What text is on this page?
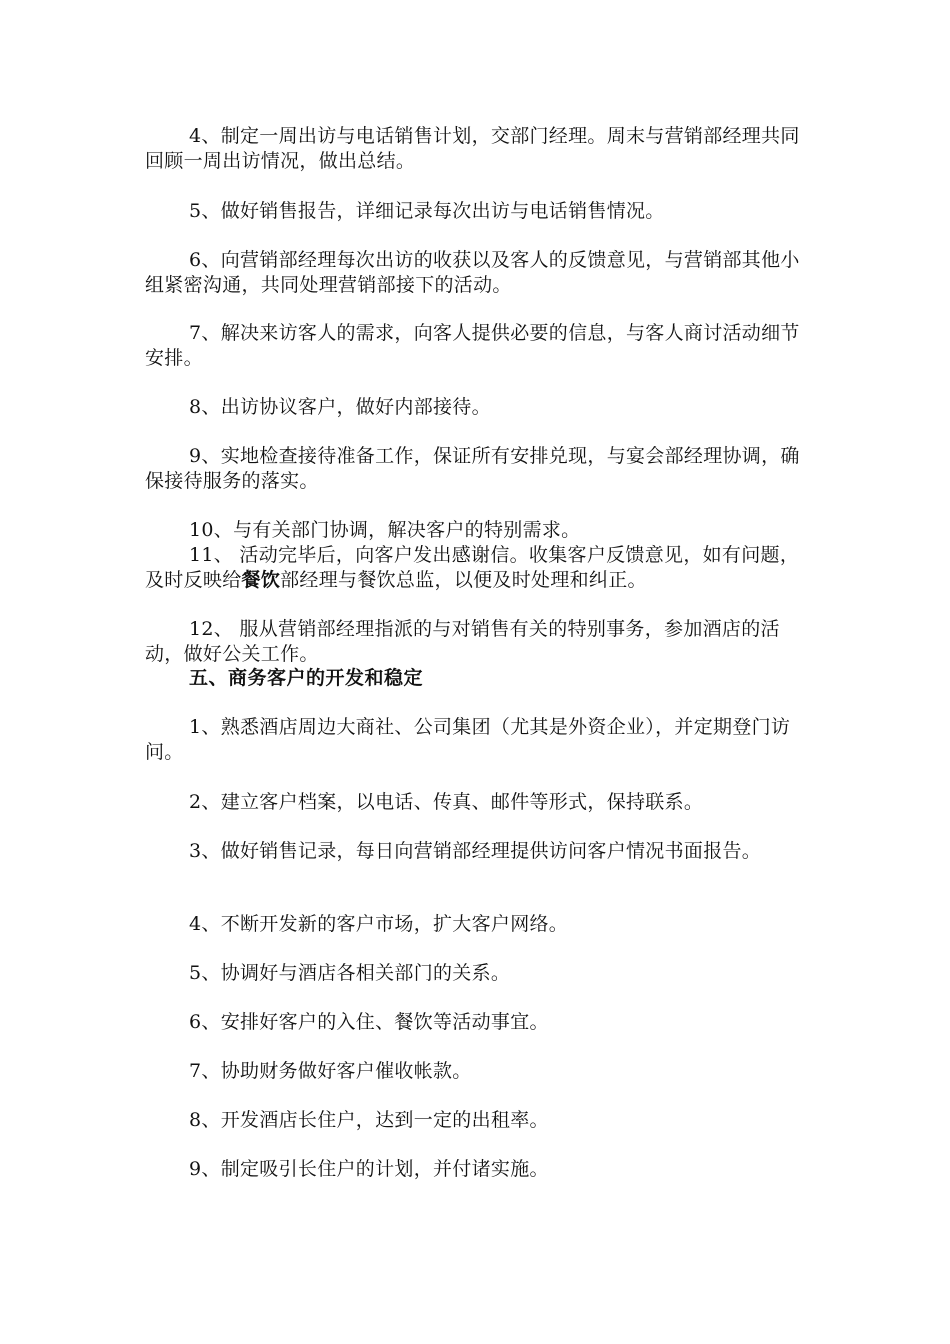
4、制定一周出访与电话销售计划，交部门经理。周末与营销部经理共同回顾一周出访情况，做出总结。

5、做好销售报告，详细记录每次出访与电话销售情况。

6、向营销部经理每次出访的收获以及客人的反馈意见，与营销部其他小组紧密沟通，共同处理营销部接下的活动。

7、解决来访客人的需求，向客人提供必要的信息，与客人商讨活动细节安排。

8、出访协议客户，做好内部接待。

9、实地检查接待准备工作，保证所有安排兑现，与宴会部经理协调，确保接待服务的落实。

10、与有关部门协调，解决客户的特别需求。

11、 活动完毕后，向客户发出感谢信。收集客户反馈意见，如有问题，及时反映给餐饮部经理与餐饮总监，以便及时处理和纠正。

12、 服从营销部经理指派的与对销售有关的特别事务，参加酒店的活动，做好公关工作。

五、商务客户的开发和稳定

1、熟悉酒店周边大商社、公司集团（尤其是外资企业），并定期登门访问。

2、建立客户档案，以电话、传真、邮件等形式，保持联系。

3、做好销售记录，每日向营销部经理提供访问客户情况书面报告。

4、不断开发新的客户市场，扩大客户网络。

5、协调好与酒店各相关部门的关系。

6、安排好客户的入住、餐饮等活动事宜。

7、协助财务做好客户催收帐款。

8、开发酒店长住户，达到一定的出租率。

9、制定吸引长住户的计划，并付诸实施。
